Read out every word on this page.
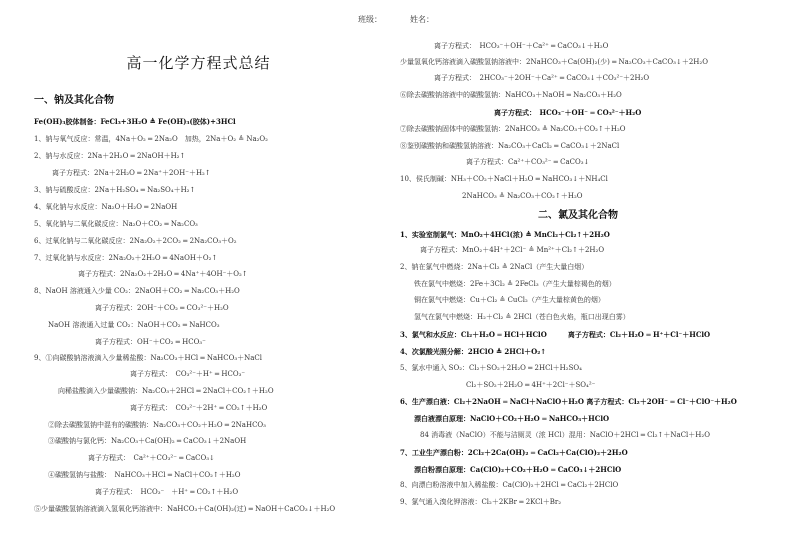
班级：	姓名：
高一化学方程式总结
一、钠及其化合物
Fe(OH)₃胶体制备：FeCl₃+3H₂O ≜ Fe(OH)₃(胶体)+3HCl
1、钠与氧气反应：常温，4Na＋O₂ ═ 2Na₂O　加热，2Na＋O₂ ≜ Na₂O₂
2、钠与水反应：2Na＋2H₂O ═ 2NaOH＋H₂↑
离子方程式：2Na＋2H₂O ═ 2Na⁺＋2OH⁻＋H₂↑
3、钠与硫酸反应：2Na＋H₂SO₄ ═ Na₂SO₄＋H₂↑
4、氧化钠与水反应：Na₂O＋H₂O ═ 2NaOH
5、氧化钠与二氧化碳反应：Na₂O＋CO₂ ═ Na₂CO₃
6、过氧化钠与二氧化碳反应：2Na₂O₂＋2CO₂ ═ 2Na₂CO₃＋O₂
7、过氧化钠与水反应：2Na₂O₂＋2H₂O ═ 4NaOH＋O₂↑
离子方程式：2Na₂O₂＋2H₂O ═ 4Na⁺＋4OH⁻＋O₂↑
8、NaOH 溶液通入少量 CO₂：2NaOH＋CO₂ ═ Na₂CO₃＋H₂O
离子方程式：2OH⁻＋CO₂ ═ CO₃²⁻＋H₂O
NaOH 溶液通入过量 CO₂：NaOH＋CO₂ ═ NaHCO₃
离子方程式：OH⁻＋CO₂ ═ HCO₃⁻
9、①向碳酸钠溶液滴入少量稀盐酸：Na₂CO₃＋HCl ═ NaHCO₃＋NaCl
离子方程式：　CO₃²⁻＋H⁺ ═ HCO₃⁻
向稀盐酸滴入少量碳酸钠：Na₂CO₃＋2HCl ═ 2NaCl＋CO₂↑＋H₂O
离子方程式：　CO₃²⁻＋2H⁺ ═ CO₂↑＋H₂O
②除去碳酸氢钠中混有的碳酸钠：Na₂CO₃＋CO₂＋H₂O ═ 2NaHCO₃
③碳酸钠与氯化钙：Na₂CO₃＋Ca(OH)₂ ═ CaCO₃↓＋2NaOH
离子方程式：　Ca²⁺＋CO₃²⁻ ═ CaCO₃↓
④碳酸氢钠与盐酸：　NaHCO₃＋HCl ═ NaCl＋CO₂↑＋H₂O
离子方程式：　HCO₃⁻　＋H⁺ ═ CO₂↑＋H₂O
⑤少量碳酸氢钠溶液滴入氢氧化钙溶液中：NaHCO₃＋Ca(OH)₂(过) ═ NaOH＋CaCO₃↓＋H₂O
离子方程式：　HCO₃⁻＋OH⁻＋Ca²⁺ ═ CaCO₃↓＋H₂O
少量氢氧化钙溶液滴入碳酸氢钠溶液中：2NaHCO₃＋Ca(OH)₂(少) ═ Na₂CO₃＋CaCO₃↓＋2H₂O
离子方程式：　2HCO₃⁻＋2OH⁻＋Ca²⁺ ═ CaCO₃↓＋CO₃²⁻＋2H₂O
⑥除去碳酸钠溶液中的碳酸氢钠：NaHCO₃＋NaOH ═ Na₂CO₃＋H₂O
离子方程式：　HCO₃⁻＋OH⁻ ═ CO₃²⁻＋H₂O
⑦除去碳酸钠固体中的碳酸氢钠：2NaHCO₃ ≜ Na₂CO₃＋CO₂↑＋H₂O
⑧鉴别碳酸钠和碳酸氢钠溶液：Na₂CO₃＋CaCl₂ ═ CaCO₃↓＋2NaCl
离子方程式：Ca²⁺＋CO₃²⁻ ═ CaCO₃↓
10、侯氏制碱：NH₃＋CO₂＋NaCl＋H₂O ═ NaHCO₃↓＋NH₄Cl
2NaHCO₃ ≜ Na₂CO₃＋CO₂↑＋H₂O
二、氯及其化合物
1、实验室制氯气：MnO₂＋4HCl(浓) ≜ MnCl₂＋Cl₂↑＋2H₂O
离子方程式：MnO₂＋4H⁺＋2Cl⁻ ≜ Mn²⁺＋Cl₂↑＋2H₂O
2、钠在氯气中燃烧：2Na＋Cl₂ ≜ 2NaCl（产生大量白烟）
铁在氯气中燃烧：2Fe＋3Cl₂ ≜ 2FeCl₃（产生大量棕褐色的烟）
铜在氯气中燃烧：Cu＋Cl₂ ≜ CuCl₂（产生大量棕黄色的烟）
氢气在氯气中燃烧：H₂＋Cl₂ ≜ 2HCl（苍白色火焰，瓶口出现白雾）
3、氯气和水反应：Cl₂＋H₂O ═ HCl＋HClO　　　离子方程式：Cl₂＋H₂O ═ H⁺＋Cl⁻＋HClO
4、次氯酸光照分解：2HClO ≜ 2HCl＋O₂↑
5、氯水中通入 SO₂：Cl₂＋SO₂＋2H₂O ═ 2HCl＋H₂SO₄
Cl₂＋SO₂＋2H₂O ═ 4H⁺＋2Cl⁻＋SO₄²⁻
6、生产漂白液：Cl₂＋2NaOH ═ NaCl＋NaClO＋H₂O 离子方程式：Cl₂＋2OH⁻ ═ Cl⁻＋ClO⁻＋H₂O
漂白液漂白原理：NaClO＋CO₂＋H₂O ═ NaHCO₃＋HClO
84 消毒液（NaClO）不能与洁厕灵（浓 HCl）混用：NaClO＋2HCl ═ Cl₂↑＋NaCl＋H₂O
7、工业生产漂白粉：2Cl₂＋2Ca(OH)₂ ═ CaCl₂＋Ca(ClO)₂＋2H₂O
漂白粉漂白原理：Ca(ClO)₂＋CO₂＋H₂O ═ CaCO₃↓＋2HClO
8、向漂白粉溶液中加入稀盐酸：Ca(ClO)₂＋2HCl ═ CaCl₂＋2HClO
9、氯气通入溴化钾溶液：Cl₂＋2KBr ═ 2KCl＋Br₂
